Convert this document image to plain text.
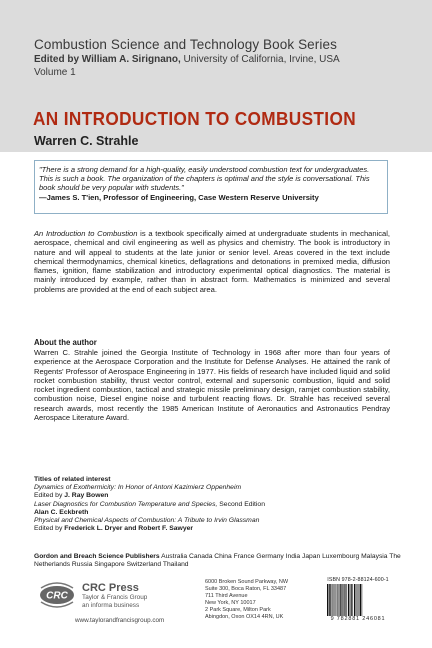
Combustion Science and Technology Book Series
Edited by William A. Sirignano, University of California, Irvine, USA
Volume 1
AN INTRODUCTION TO COMBUSTION
Warren C. Strahle
"There is a strong demand for a high-quality, easily understood combustion text for undergraduates. This is such a book. The organization of the chapters is optimal and the style is conversational. This book should be very popular with students."
—James S. T'ien, Professor of Engineering, Case Western Reserve University
An Introduction to Combustion is a textbook specifically aimed at undergraduate students in mechanical, aerospace, chemical and civil engineering as well as physics and chemistry. The book is introductory in nature and will appeal to students at the late junior or senior level. Areas covered in the text include chemical thermodynamics, chemical kinetics, deflagrations and detonations in premixed media, diffusion flames, ignition, flame stabilization and introductory experimental optical diagnostics. The material is mainly introduced by example, rather than in abstract form. Mathematics is minimized and several problems are provided at the end of each subject area.
About the author
Warren C. Strahle joined the Georgia Institute of Technology in 1968 after more than four years of experience at the Aerospace Corporation and the Institute for Defense Analyses. He attained the rank of Regents' Professor of Aerospace Engineering in 1977. His fields of research have included liquid and solid rocket combustion stability, thrust vector control, external and supersonic combustion, liquid and solid rocket ingredient combustion, tactical and strategic missile preliminary design, ramjet combustion stability, combustion noise, Diesel engine noise and turbulent reacting flows. Dr. Strahle has received several research awards, most recently the 1985 American Institute of Aeronautics and Astronautics Pendray Aerospace Literature Award.
Titles of related interest
Dynamics of Exothermicity: In Honor of Antoni Kazimierz Oppenheim
Edited by J. Ray Bowen
Laser Diagnostics for Combustion Temperature and Species, Second Edition
Alan C. Eckbreth
Physical and Chemical Aspects of Combustion: A Tribute to Irvin Glassman
Edited by Frederick L. Dryer and Robert F. Sawyer
Gordon and Breach Science Publishers Australia Canada China France Germany India Japan Luxembourg Malaysia The Netherlands Russia Singapore Switzerland Thailand
CRC
CRC Press
Taylor & Francis Group
an informa business
www.taylorandfrancisgroup.com
6000 Broken Sound Parkway, NW
Suite 300, Boca Raton, FL 33487
711 Third Avenue
New York, NY 10017
2 Park Square, Milton Park
Abingdon, Oxon OX14 4RN, UK
ISBN 978-2-88124-600-1
9 782881 246081
